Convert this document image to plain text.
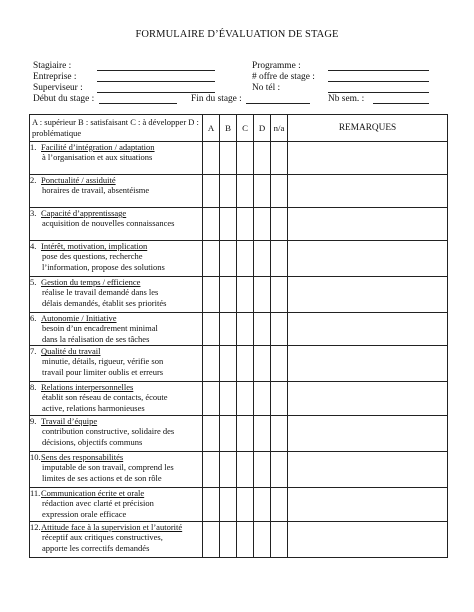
FORMULAIRE D’ÉVALUATION DE STAGE
Stagiaire :
Entreprise :
Superviseur :
Début du stage :
Programme :
# offre de stage :
No tél :
Fin du stage :	Nb sem. :
A : supérieur B : satisfaisant C : à développer D : problématique	A	B	C	D	n/a	REMARQUES
1. Facilité d’intégration / adaptation
à l’organisation et aux situations						

2. Ponctualité / assiduité
horaires de travail, absentéisme						

3. Capacité d’apprentissage
acquisition de nouvelles connaissances						

4. Intérêt, motivation, implication
pose des questions, recherche
l’information, propose des solutions						

5. Gestion du temps / efficience
réalise le travail demandé dans les
délais demandés, établit ses priorités						

6. Autonomie / Initiative
besoin d’un encadrement minimal
dans la réalisation de ses tâches						

7. Qualité du travail
minutie, détails, rigueur, vérifie son
travail pour limiter oublis et erreurs						

8. Relations interpersonnelles
établit son réseau de contacts, écoute
active, relations harmonieuses						

9. Travail d’équipe
contribution constructive, solidaire des
décisions, objectifs communs						

10.Sens des responsabilités
imputable de son travail, comprend les
limites de ses actions et de son rôle						

11.Communication écrite et orale
rédaction avec clarté et précision
expression orale efficace						

12.Attitude face à la supervision et l’autorité
réceptif aux critiques constructives,
apporte les correctifs demandés						
